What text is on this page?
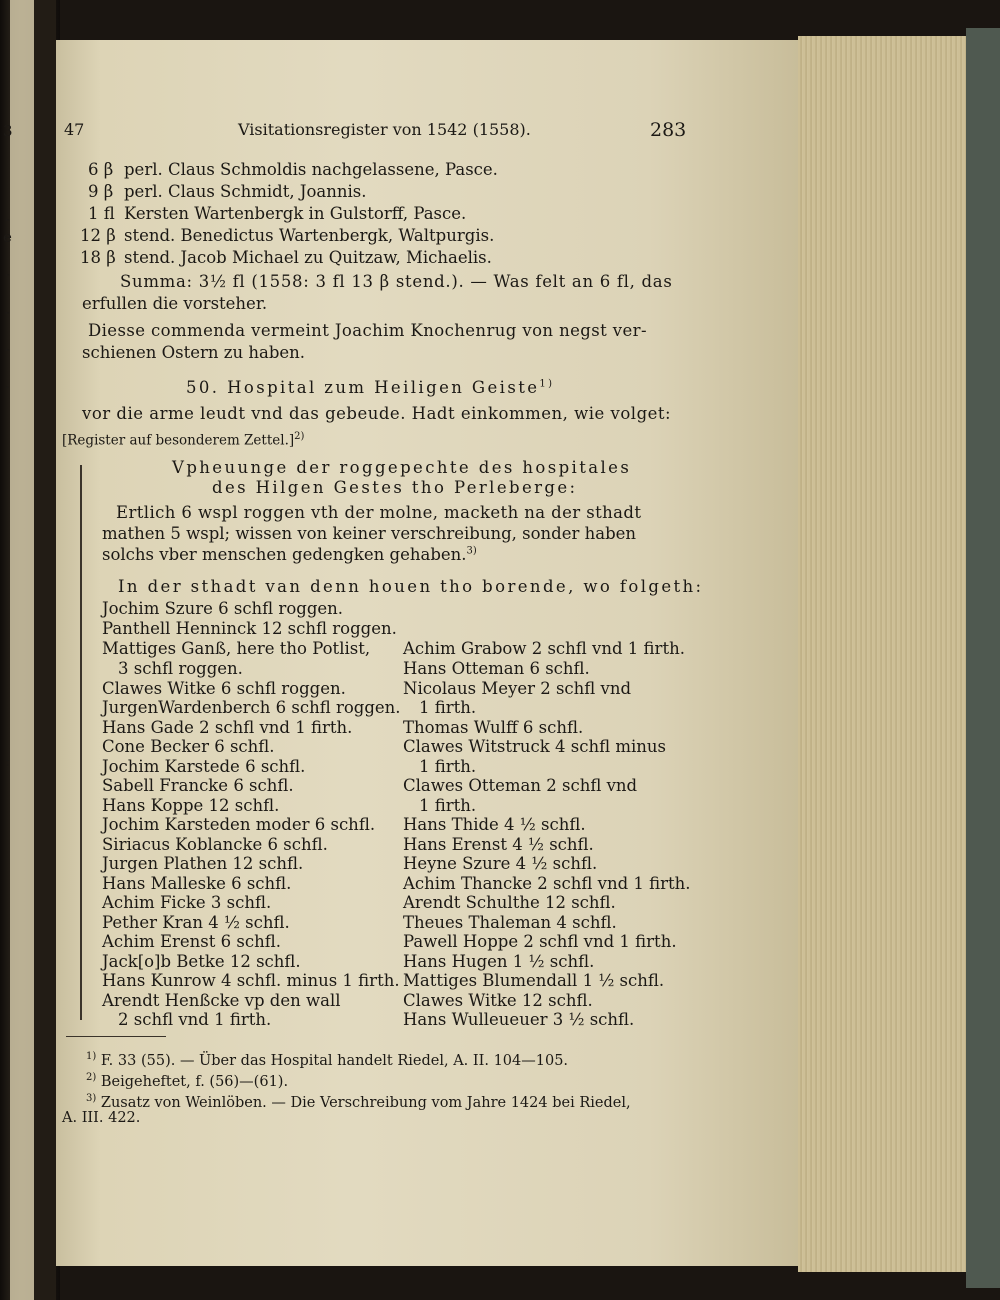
3
-
e
-
-
-
.
:
47	Visitationsregister von 1542 (1558).	283
6 β perl. Claus Schmoldis nachgelassene, Pasce.
9 β perl. Claus Schmidt, Joannis.
1 fl Kersten Wartenbergk in Gulstorff, Pasce.
12 β stend. Benedictus Wartenbergk, Waltpurgis.
18 β stend. Jacob Michael zu Quitzaw, Michaelis.
Summa: 3½ fl (1558: 3 fl 13 β stend.). — Was felt an 6 fl, das
erfullen die vorsteher.
Diesse commenda vermeint Joachim Knochenrug von negst ver-
schienen Ostern zu haben.
50. Hospital zum Heiligen Geiste$^{1)}$
vor die arme leudt vnd das gebeude. Hadt einkommen, wie volget:
[Register auf besonderem Zettel.]$^{2)}$
Vpheuunge der roggepechte des hospitales
des Hilgen Gestes tho Perleberge:
Ertlich 6 wspl roggen vth der molne, macketh na der sthadt
mathen 5 wspl; wissen von keiner verschreibung, sonder haben
solchs vber menschen gedengken gehaben.$^{3)}$
In der sthadt van denn houen tho borende, wo folgeth:
Jochim Szure 6 schfl roggen.
Panthell Henninck 12 schfl roggen.
Mattiges Ganß, here tho Potlist,
3 schfl roggen.
Clawes Witke 6 schfl roggen.
JurgenWardenberch 6 schfl roggen.
Hans Gade 2 schfl vnd 1 firth.
Cone Becker 6 schfl.
Jochim Karstede 6 schfl.
Sabell Francke 6 schfl.
Hans Koppe 12 schfl.
Jochim Karsteden moder 6 schfl.
Siriacus Koblancke 6 schfl.
Jurgen Plathen 12 schfl.
Hans Malleske 6 schfl.
Achim Ficke 3 schfl.
Pether Kran 4 ½ schfl.
Achim Erenst 6 schfl.
Jack[o]b Betke 12 schfl.
Hans Kunrow 4 schfl. minus 1 firth.
Arendt Henßcke vp den wall
2 schfl vnd 1 firth.
Achim Grabow 2 schfl vnd 1 firth.
Hans Otteman 6 schfl.
Nicolaus Meyer 2 schfl vnd
1 firth.
Thomas Wulff 6 schfl.
Clawes Witstruck 4 schfl minus
1 firth.
Clawes Otteman 2 schfl vnd
1 firth.
Hans Thide 4 ½ schfl.
Hans Erenst 4 ½ schfl.
Heyne Szure 4 ½ schfl.
Achim Thancke 2 schfl vnd 1 firth.
Arendt Schulthe 12 schfl.
Theues Thaleman 4 schfl.
Pawell Hoppe 2 schfl vnd 1 firth.
Hans Hugen 1 ½ schfl.
Mattiges Blumendall 1 ½ schfl.
Clawes Witke 12 schfl.
Hans Wulleueuer 3 ½ schfl.
$^{1)}$ F. 33 (55). — Über das Hospital handelt Riedel, A. II. 104—105.
$^{2)}$ Beigeheftet, f. (56)—(61).
$^{3)}$ Zusatz von Weinlöben. — Die Verschreibung vom Jahre 1424 bei Riedel,
A. III. 422.
